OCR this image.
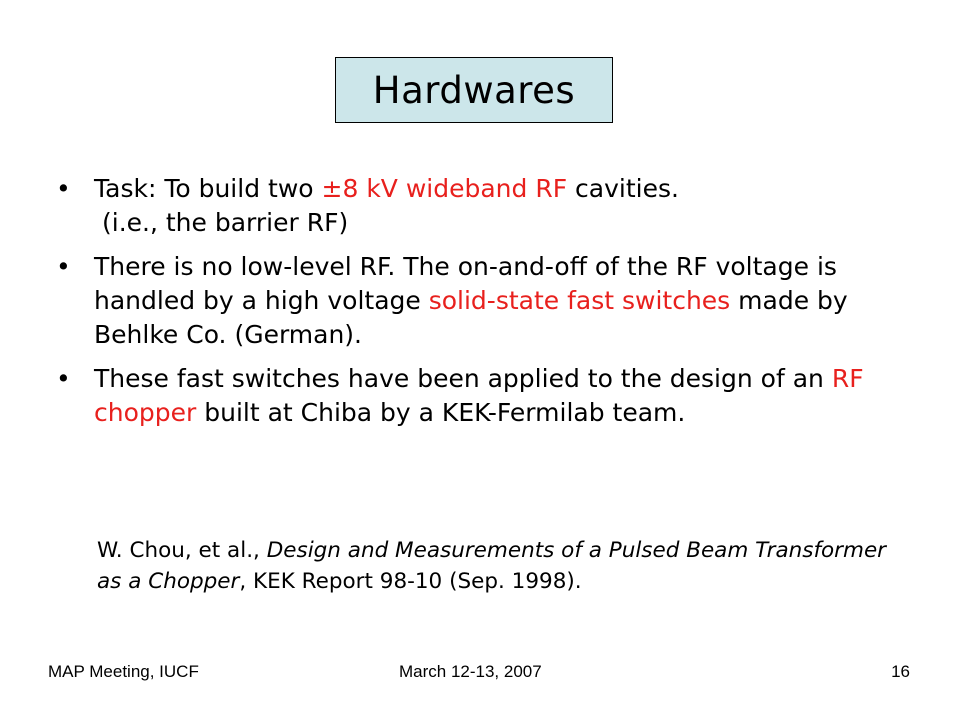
Hardwares
• Task: To build two ±8 kV wideband RF cavities.
(i.e., the barrier RF)
• There is no low-level RF. The on-and-off of the RF voltage is handled by a high voltage solid-state fast switches made by Behlke Co. (German).
• These fast switches have been applied to the design of an RF chopper built at Chiba by a KEK-Fermilab team.
W. Chou, et al., Design and Measurements of a Pulsed Beam Transformer as a Chopper, KEK Report 98-10 (Sep. 1998).
MAP Meeting, IUCF	March 12-13, 2007	16
